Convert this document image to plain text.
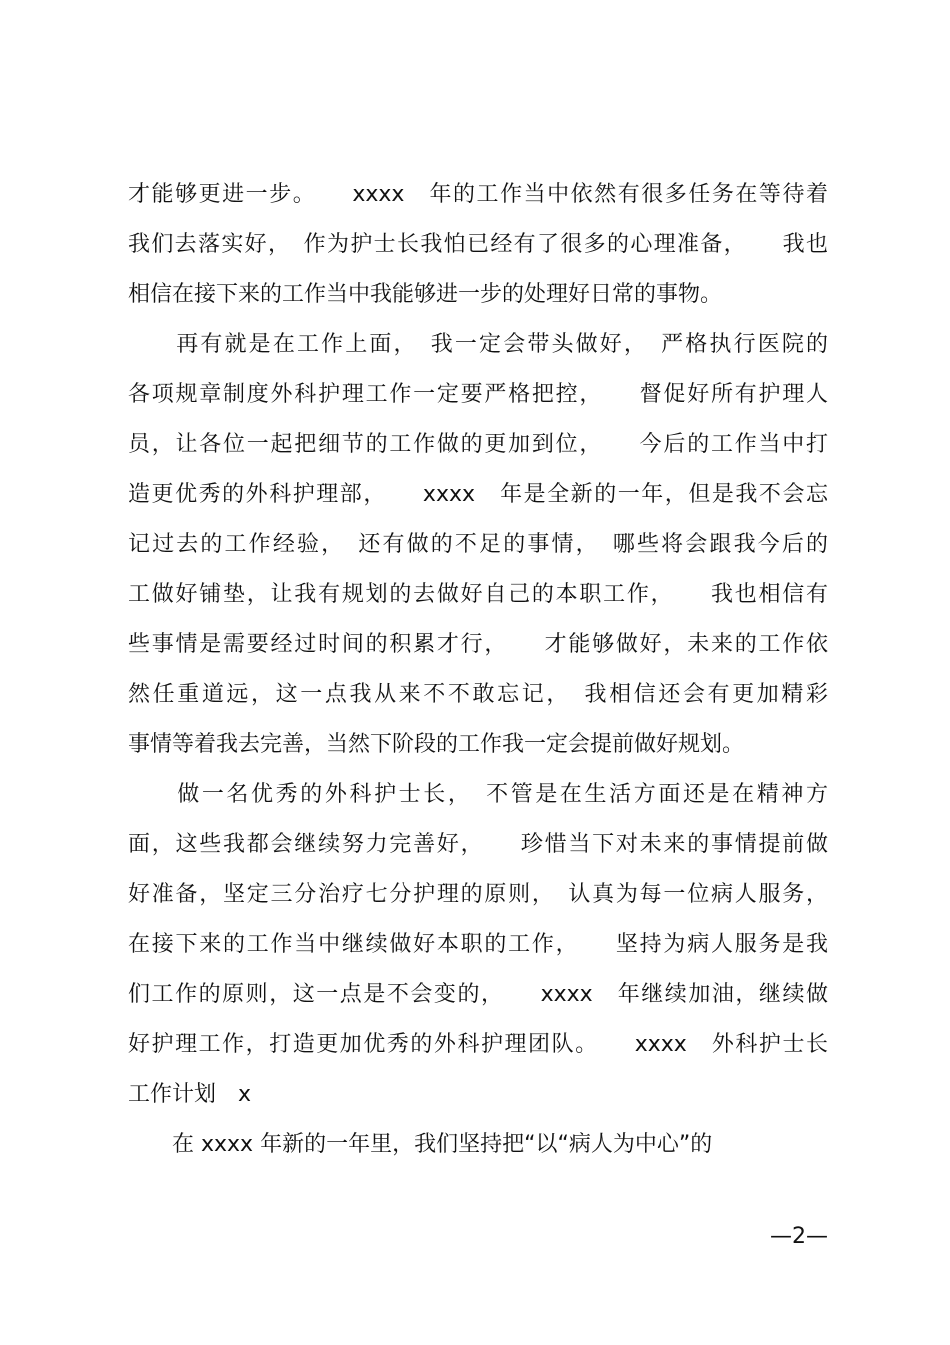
才能够更进一步。　　xxxx　年的工作当中依然有很多任务在等待着
我们去落实好，　作为护士长我怕已经有了很多的心理准备，　　我也
相信在接下来的工作当中我能够进一步的处理好日常的事物。
　　再有就是在工作上面，　我一定会带头做好，　严格执行医院的
各项规章制度外科护理工作一定要严格把控，　　督促好所有护理人
员，让各位一起把细节的工作做的更加到位，　　今后的工作当中打
造更优秀的外科护理部，　　xxxx　年是全新的一年，但是我不会忘
记过去的工作经验，　还有做的不足的事情，　哪些将会跟我今后的
工做好铺垫，让我有规划的去做好自己的本职工作，　　我也相信有
些事情是需要经过时间的积累才行，　　才能够做好，未来的工作依
然任重道远，这一点我从来不不敢忘记，　我相信还会有更加精彩
事情等着我去完善，当然下阶段的工作我一定会提前做好规划。
　　做一名优秀的外科护士长，　不管是在生活方面还是在精神方
面，这些我都会继续努力完善好，　　珍惜当下对未来的事情提前做
好准备，坚定三分治疗七分护理的原则，　认真为每一位病人服务，
在接下来的工作当中继续做好本职的工作，　　坚持为病人服务是我
们工作的原则，这一点是不会变的，　　xxxx　年继续加油，继续做
好护理工作，打造更加优秀的外科护理团队。　　xxxx　外科护士长
工作计划　x
　　在 xxxx 年新的一年里，我们坚持把“以“病人为中心”的
—2—
